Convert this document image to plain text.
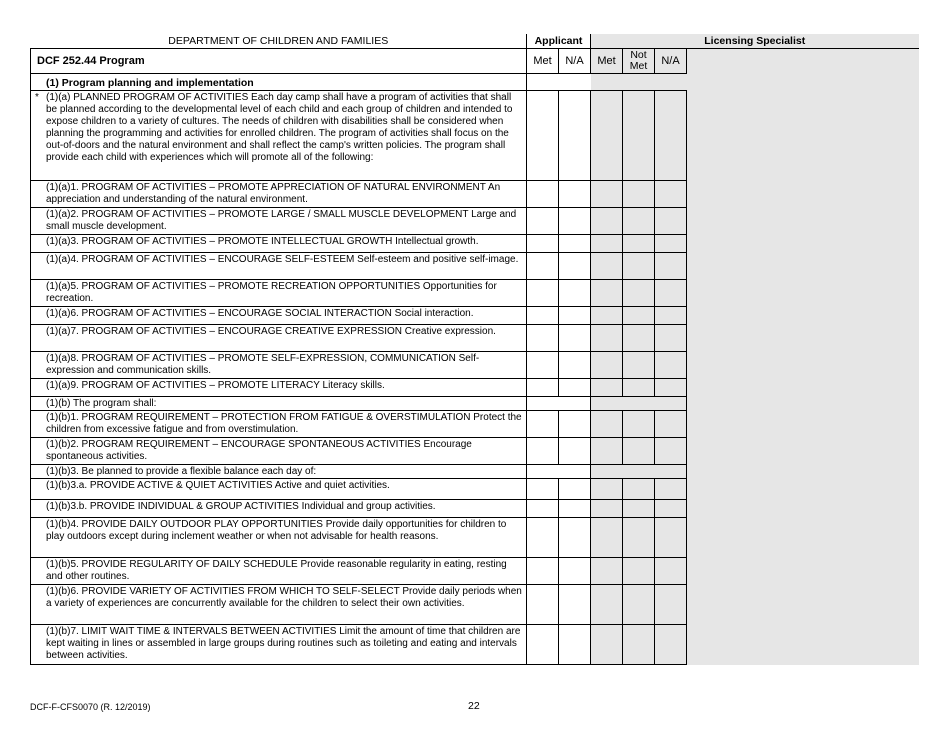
DEPARTMENT OF CHILDREN AND FAMILIES	Applicant		Licensing Specialist			
DCF 252.44 Program	Met	N/A	Met	Not Met	N/A	
(1) Program planning and implementation						

* (1)(a) PLANNED PROGRAM OF ACTIVITIES Each day camp shall have a program of activities that shall be planned according to the developmental level of each child and each group of children and intended to expose children to a variety of cultures. The needs of children with disabilities shall be considered when planning the programming and activities for enrolled children. The program of activities shall focus on the out-of-doors and the natural environment and shall reflect the camp's written policies. The program shall provide each child with experiences which will promote all of the following:						
(1)(a)1. PROGRAM OF ACTIVITIES – PROMOTE APPRECIATION OF NATURAL ENVIRONMENT An appreciation and understanding of the natural environment.						
(1)(a)2. PROGRAM OF ACTIVITIES – PROMOTE LARGE / SMALL MUSCLE DEVELOPMENT Large and small muscle development.						
(1)(a)3. PROGRAM OF ACTIVITIES – PROMOTE INTELLECTUAL GROWTH Intellectual growth.						
(1)(a)4. PROGRAM OF ACTIVITIES – ENCOURAGE SELF-ESTEEM Self-esteem and positive self-image.						
(1)(a)5. PROGRAM OF ACTIVITIES – PROMOTE RECREATION OPPORTUNITIES Opportunities for recreation.						
(1)(a)6. PROGRAM OF ACTIVITIES – ENCOURAGE SOCIAL INTERACTION Social interaction.						
(1)(a)7. PROGRAM OF ACTIVITIES – ENCOURAGE CREATIVE EXPRESSION Creative expression.						
(1)(a)8. PROGRAM OF ACTIVITIES – PROMOTE SELF-EXPRESSION, COMMUNICATION Self-expression and communication skills.						
(1)(a)9. PROGRAM OF ACTIVITIES – PROMOTE LITERACY Literacy skills.						
(1)(b) The program shall:						
(1)(b)1. PROGRAM REQUIREMENT – PROTECTION FROM FATIGUE & OVERSTIMULATION Protect the children from excessive fatigue and from overstimulation.						
(1)(b)2. PROGRAM REQUIREMENT – ENCOURAGE SPONTANEOUS ACTIVITIES Encourage spontaneous activities.						
(1)(b)3. Be planned to provide a flexible balance each day of:						
(1)(b)3.a. PROVIDE ACTIVE & QUIET ACTIVITIES Active and quiet activities.						
(1)(b)3.b. PROVIDE INDIVIDUAL & GROUP ACTIVITIES Individual and group activities.						
(1)(b)4. PROVIDE DAILY OUTDOOR PLAY OPPORTUNITIES Provide daily opportunities for children to play outdoors except during inclement weather or when not advisable for health reasons.						
(1)(b)5. PROVIDE REGULARITY OF DAILY SCHEDULE Provide reasonable regularity in eating, resting and other routines.						
(1)(b)6. PROVIDE VARIETY OF ACTIVITIES FROM WHICH TO SELF-SELECT Provide daily periods when a variety of experiences are concurrently available for the children to select their own activities.						
(1)(b)7. LIMIT WAIT TIME & INTERVALS BETWEEN ACTIVITIES Limit the amount of time that children are kept waiting in lines or assembled in large groups during routines such as toileting and eating and intervals between activities.						
DCF-F-CFS0070 (R. 12/2019)	22
